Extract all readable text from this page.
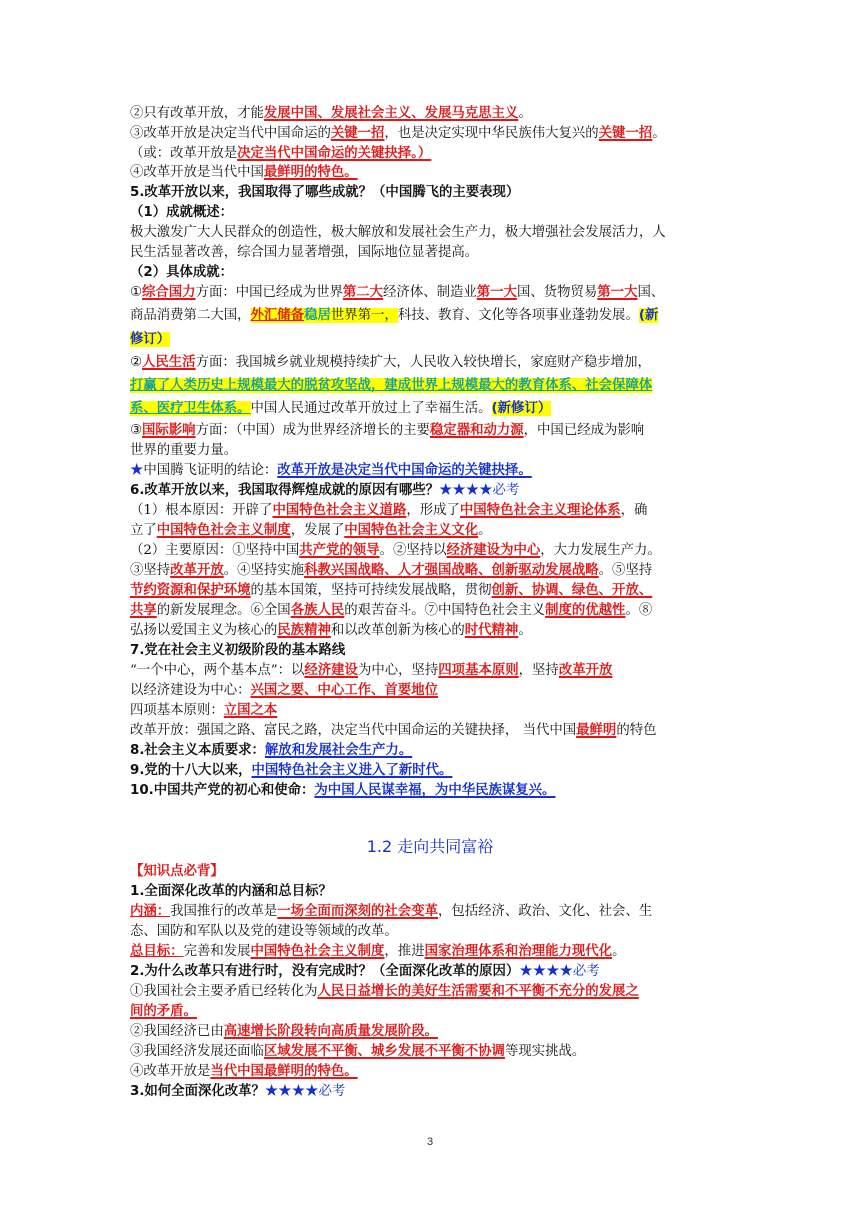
②只有改革开放，才能发展中国、发展社会主义、发展马克思主义。
③改革开放是决定当代中国命运的关键一招，也是决定实现中华民族伟大复兴的关键一招。
（或：改革开放是决定当代中国命运的关键抉择。）
④改革开放是当代中国最鲜明的特色。
5.改革开放以来，我国取得了哪些成就？（中国腾飞的主要表现）
（1）成就概述：
极大激发广大人民群众的创造性，极大解放和发展社会生产力，极大增强社会发展活力，人
民生活显著改善，综合国力显著增强，国际地位显著提高。
（2）具体成就：
①综合国力方面：中国已经成为世界第二大经济体、制造业第一大国、货物贸易第一大国、
商品消费第二大国，外汇储备稳居世界第一，科技、教育、文化等各项事业蓬勃发展。(新
修订）
②人民生活方面：我国城乡就业规模持续扩大，人民收入较快增长，家庭财产稳步增加，
打赢了人类历史上规模最大的脱贫攻坚战，建成世界上规模最大的教育体系、社会保障体
系、医疗卫生体系。中国人民通过改革开放过上了幸福生活。(新修订）
③国际影响方面：（中国）成为世界经济增长的主要稳定器和动力源，中国已经成为影响
世界的重要力量。
★中国腾飞证明的结论：改革开放是决定当代中国命运的关键抉择。
6.改革开放以来，我国取得辉煌成就的原因有哪些？★★★★必考
（1）根本原因：开辟了中国特色社会主义道路，形成了中国特色社会主义理论体系，确
立了中国特色社会主义制度，发展了中国特色社会主义文化。
（2）主要原因：①坚持中国共产党的领导。②坚持以经济建设为中心，大力发展生产力。
③坚持改革开放。④坚持实施科教兴国战略、人才强国战略、创新驱动发展战略。⑤坚持
节约资源和保护环境的基本国策，坚持可持续发展战略，贯彻创新、协调、绿色、开放、
共享的新发展理念。⑥全国各族人民的艰苦奋斗。⑦中国特色社会主义制度的优越性。⑧
弘扬以爱国主义为核心的民族精神和以改革创新为核心的时代精神。
7.党在社会主义初级阶段的基本路线
“一个中心，两个基本点”：以经济建设为中心，坚持四项基本原则，坚持改革开放
以经济建设为中心：兴国之要、中心工作、首要地位
四项基本原则：立国之本
改革开放：强国之路、富民之路，决定当代中国命运的关键抉择， 当代中国最鲜明的特色
8.社会主义本质要求：解放和发展社会生产力。
9.党的十八大以来，中国特色社会主义进入了新时代。
10.中国共产党的初心和使命：为中国人民谋幸福，为中华民族谋复兴。
1.2 走向共同富裕
【知识点必背】
1.全面深化改革的内涵和总目标？
内涵：我国推行的改革是一场全面而深刻的社会变革，包括经济、政治、文化、社会、生
态、国防和军队以及党的建设等领域的改革。
总目标：完善和发展中国特色社会主义制度，推进国家治理体系和治理能力现代化。
2.为什么改革只有进行时，没有完成时？（全面深化改革的原因）★★★★必考
①我国社会主要矛盾已经转化为人民日益增长的美好生活需要和不平衡不充分的发展之
间的矛盾。
②我国经济已由高速增长阶段转向高质量发展阶段。
③我国经济发展还面临区域发展不平衡、城乡发展不平衡不协调等现实挑战。
④改革开放是当代中国最鲜明的特色。
3.如何全面深化改革？★★★★必考
3
